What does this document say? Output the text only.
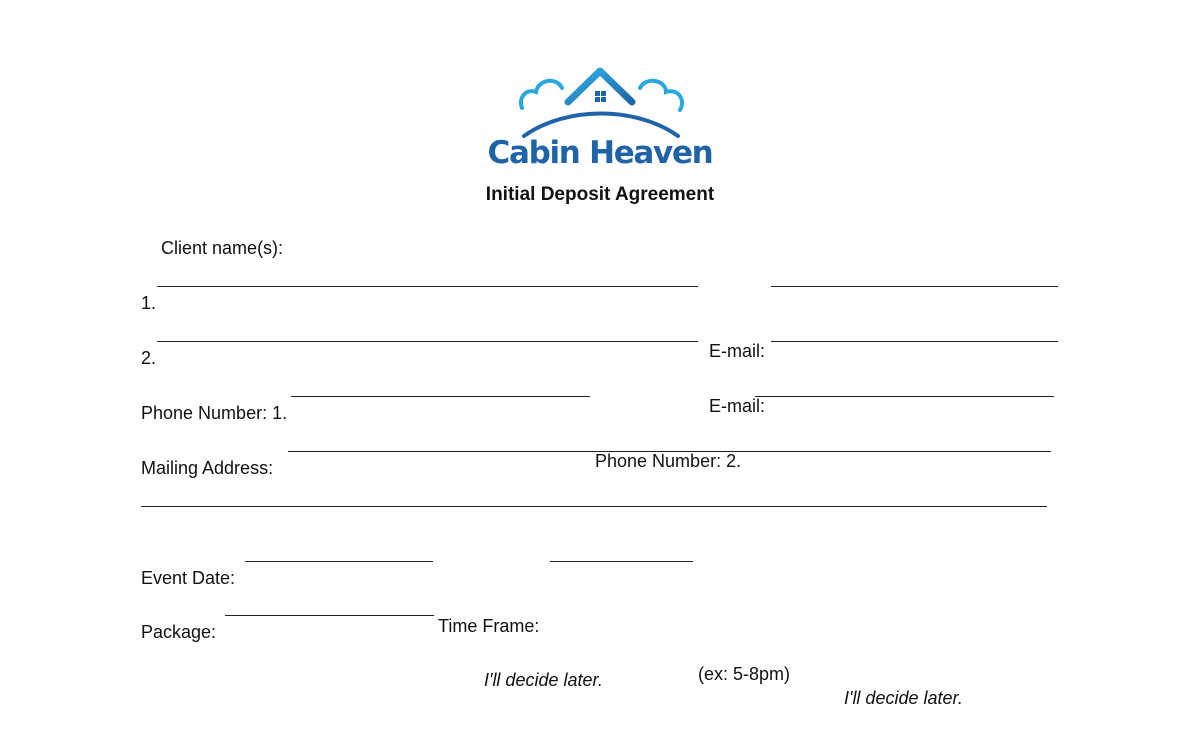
Cabin Heaven
Initial Deposit Agreement

Client name(s):

1.

E-mail:

2.

E-mail:

Phone Number: 1.

Phone Number: 2.

Mailing Address:

Event Date:

Time Frame:

(ex: 5-8pm)

I'll decide later.

Package:

I'll decide later.
